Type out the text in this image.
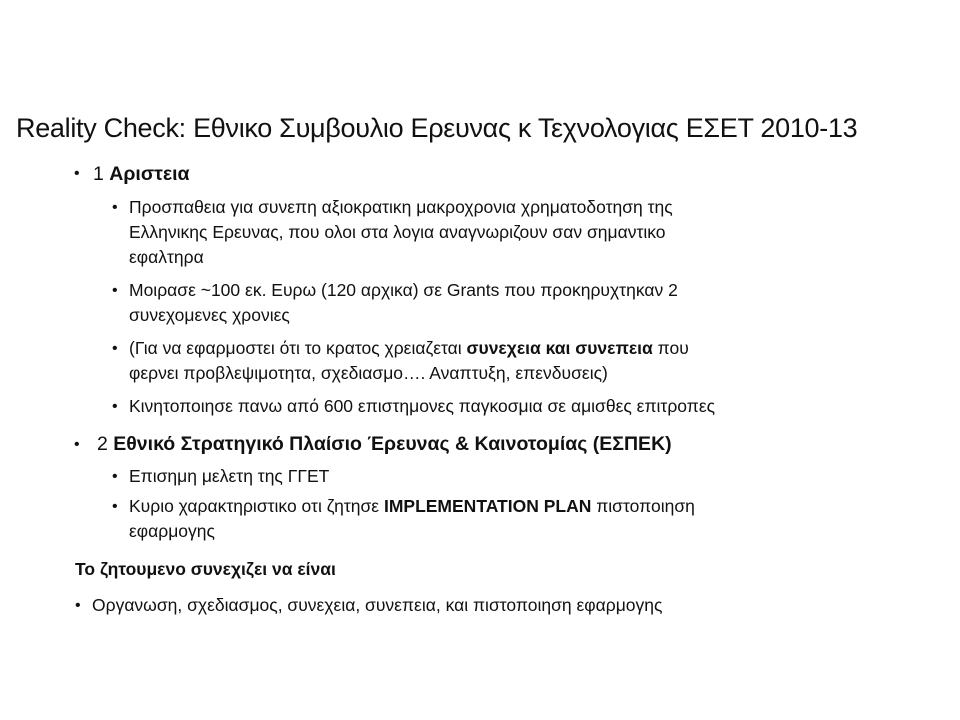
Reality Check: Εθνικο Συμβουλιο Ερευνας κ Τεχνολογιας ΕΣΕΤ 2010-13
• 1 Αριστεια
• Προσπαθεια για συνεπη αξιοκρατικη μακροχρονια χρηματοδοτηση της
Ελληνικης Ερευνας, που ολοι στα λογια αναγνωριζουν σαν σημαντικο
εφαλτηρα
• Μοιρασε ~100 εκ. Ευρω (120 αρχικα) σε Grants που προκηρυχτηκαν 2
συνεχομενες χρονιες
• (Για να εφαρμοστει ότι το κρατος χρειαζεται συνεχεια και συνεπεια που
φερνει προβλεψιμοτητα, σχεδιασμο…. Αναπτυξη, επενδυσεις)
• Κινητοποιησε πανω από 600 επιστημονες παγκοσμια σε αμισθες επιτροπες
• 2 Εθνικό Στρατηγικό Πλαίσιο Έρευνας & Καινοτομίας (ΕΣΠΕΚ)
• Επισημη μελετη της ΓΓΕΤ
• Κυριο χαρακτηριστικο οτι ζητησε IMPLEMENTATION PLAN πιστοποιηση
εφαρμογης
Το ζητουμενο συνεχιζει να είναι
• Οργανωση, σχεδιασμος, συνεχεια, συνεπεια, και πιστοποιηση εφαρμογης
